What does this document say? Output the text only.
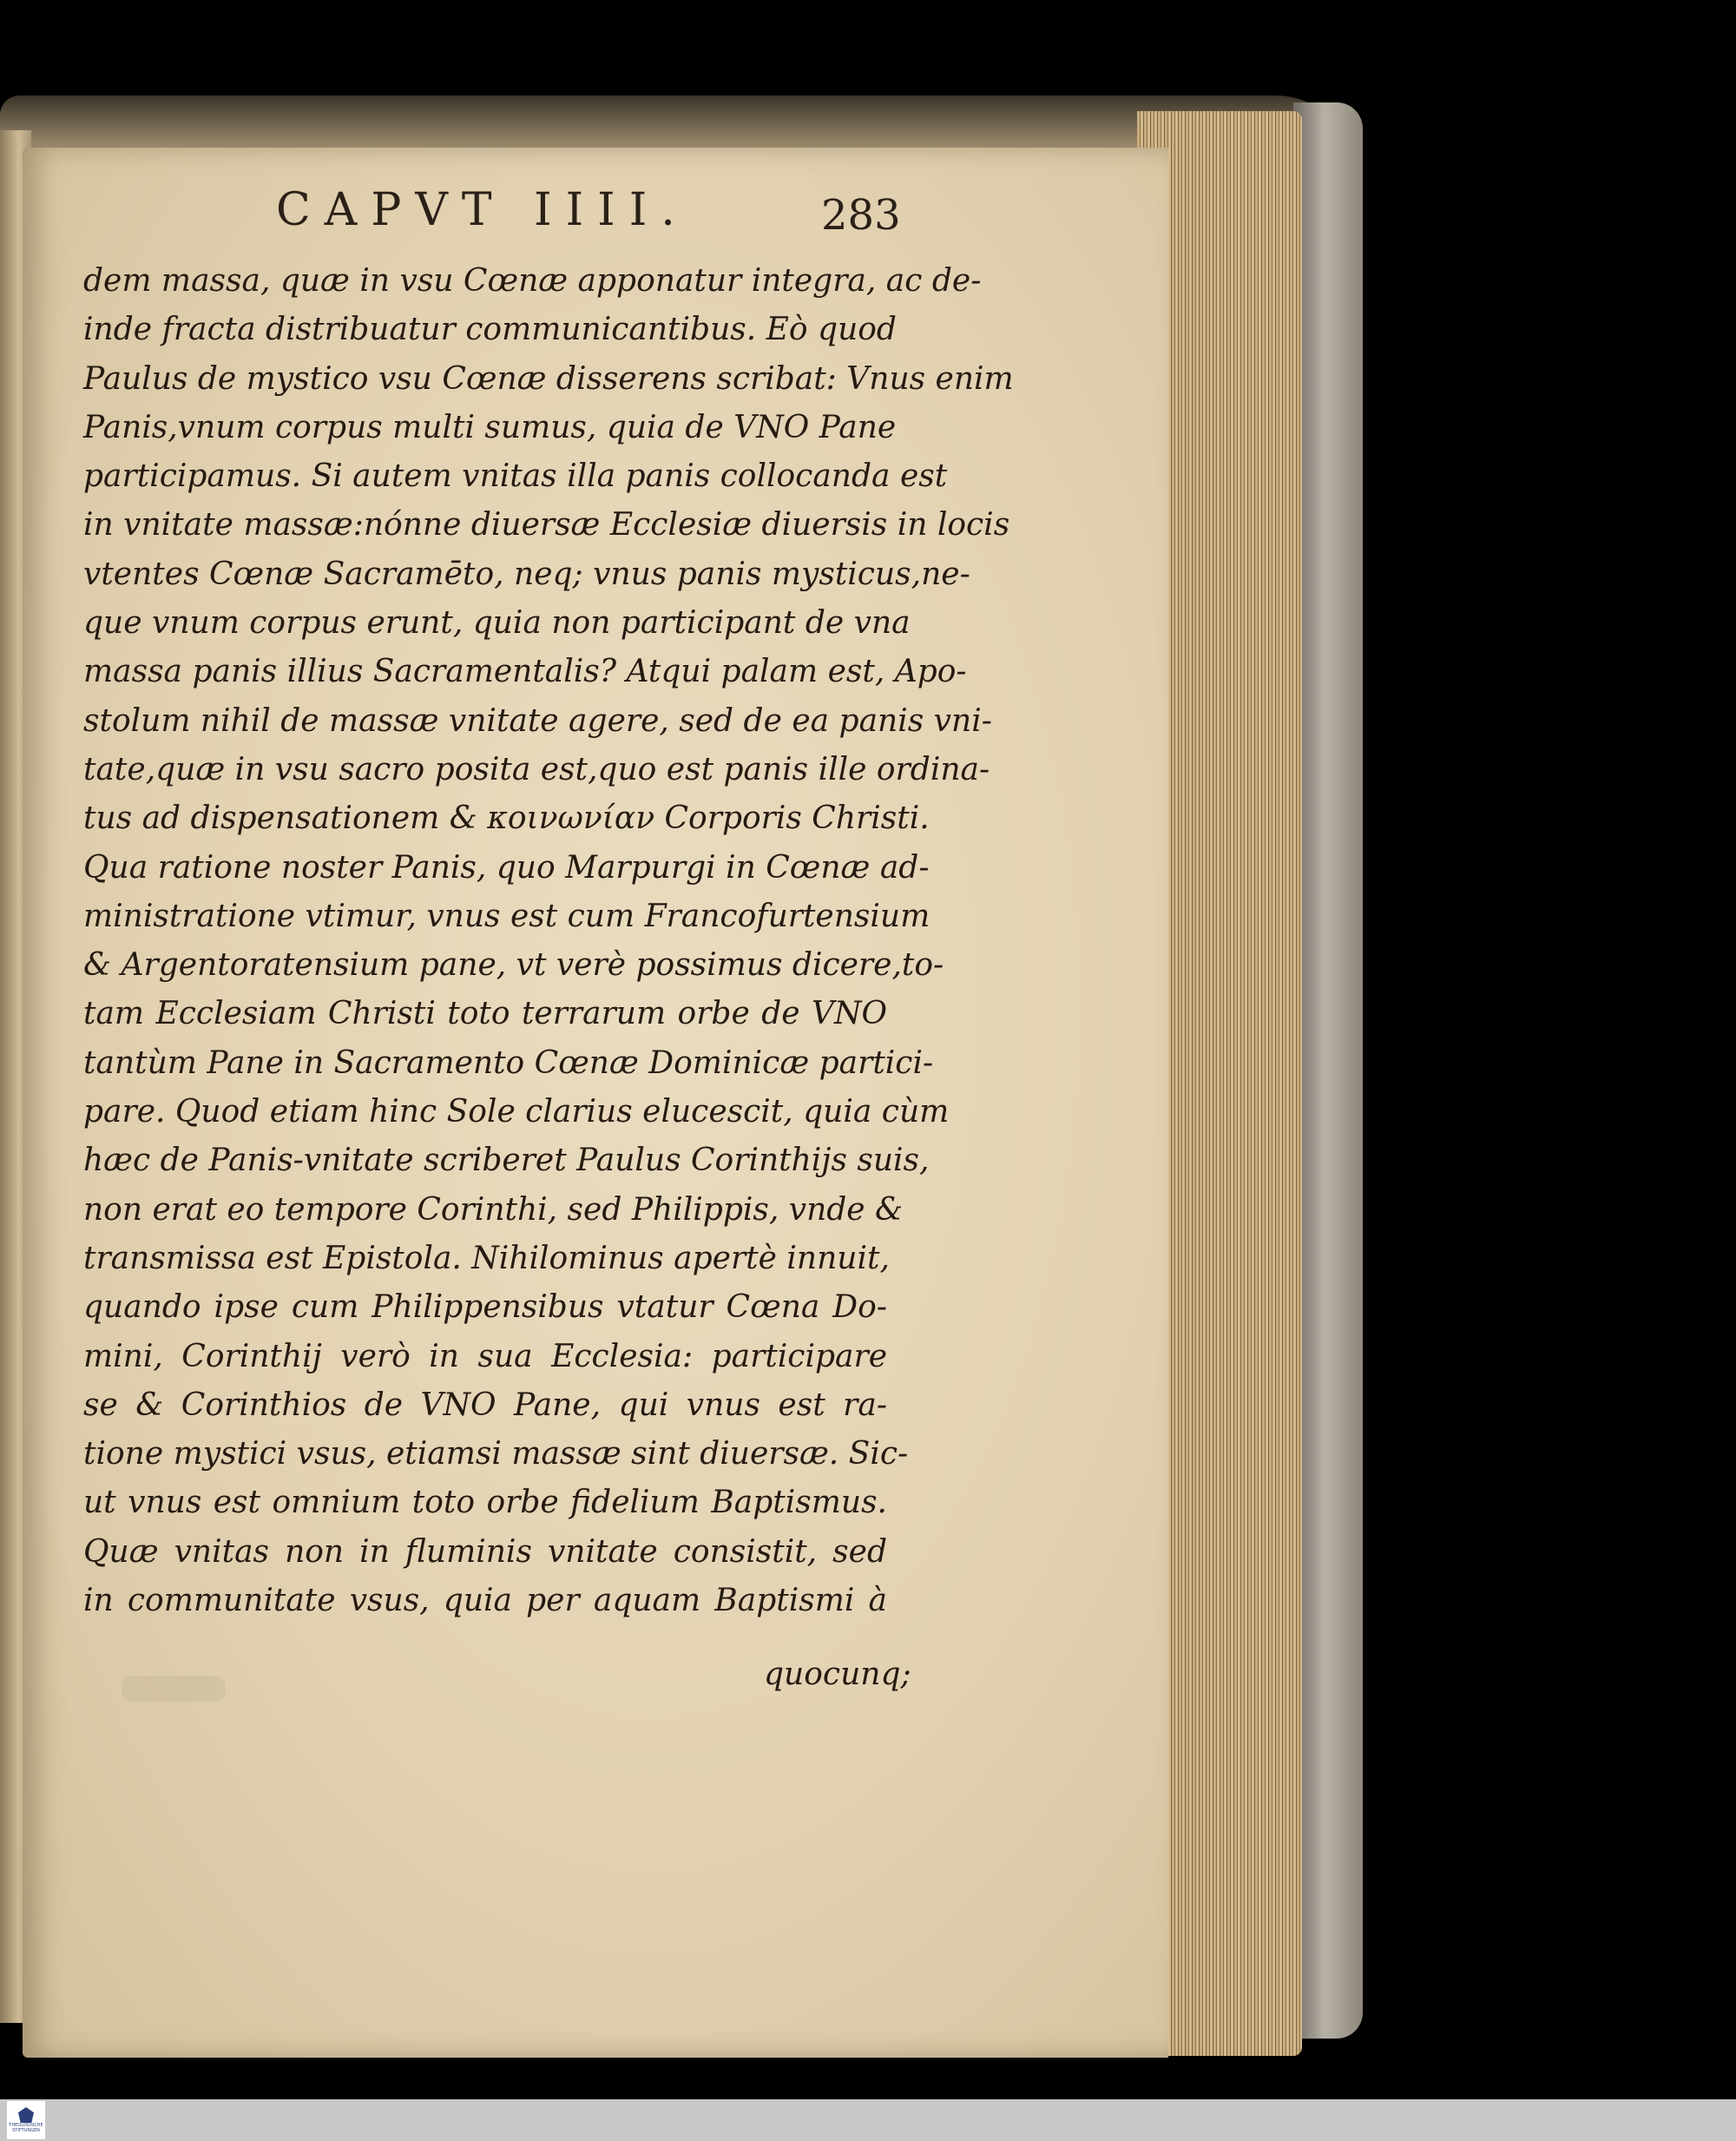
CAPVT IIII.	283
dem massa, quæ in vsu Cœnæ apponatur integra, ac de-
inde fracta distribuatur communicantibus. Eò quod
Paulus de mystico vsu Cœnæ disserens scribat: Vnus enim
Panis,vnum corpus multi sumus, quia de VNO Pane
participamus. Si autem vnitas illa panis collocanda est
in vnitate massæ:nónne diuersæ Ecclesiæ diuersis in locis
vtentes Cœnæ Sacramēto, neq; vnus panis mysticus,ne-
que vnum corpus erunt, quia non participant de vna
massa panis illius Sacramentalis? Atqui palam est, Apo-
stolum nihil de massæ vnitate agere, sed de ea panis vni-
tate,quæ in vsu sacro posita est,quo est panis ille ordina-
tus ad dispensationem & κοινωνίαν Corporis Christi.
Qua ratione noster Panis, quo Marpurgi in Cœnæ ad-
ministratione vtimur, vnus est cum Francofurtensium
& Argentoratensium pane, vt verè possimus dicere,to-
tam Ecclesiam Christi toto terrarum orbe de VNO
tantùm Pane in Sacramento Cœnæ Dominicæ partici-
pare. Quod etiam hinc Sole clarius elucescit, quia cùm
hæc de Panis-vnitate scriberet Paulus Corinthijs suis,
non erat eo tempore Corinthi, sed Philippis, vnde &
transmissa est Epistola. Nihilominus apertè innuit,
quando ipse cum Philippensibus vtatur Cœna Do-
mini, Corinthij verò in sua Ecclesia: participare
se & Corinthios de VNO Pane, qui vnus est ra-
tione mystici vsus, etiamsi massæ sint diuersæ. Sic-
ut vnus est omnium toto orbe fidelium Baptismus.
Quæ vnitas non in fluminis vnitate consistit, sed
in communitate vsus, quia per aquam Baptismi à
quocunq;
THEOLOGISCHE
STIFTUNGEN
